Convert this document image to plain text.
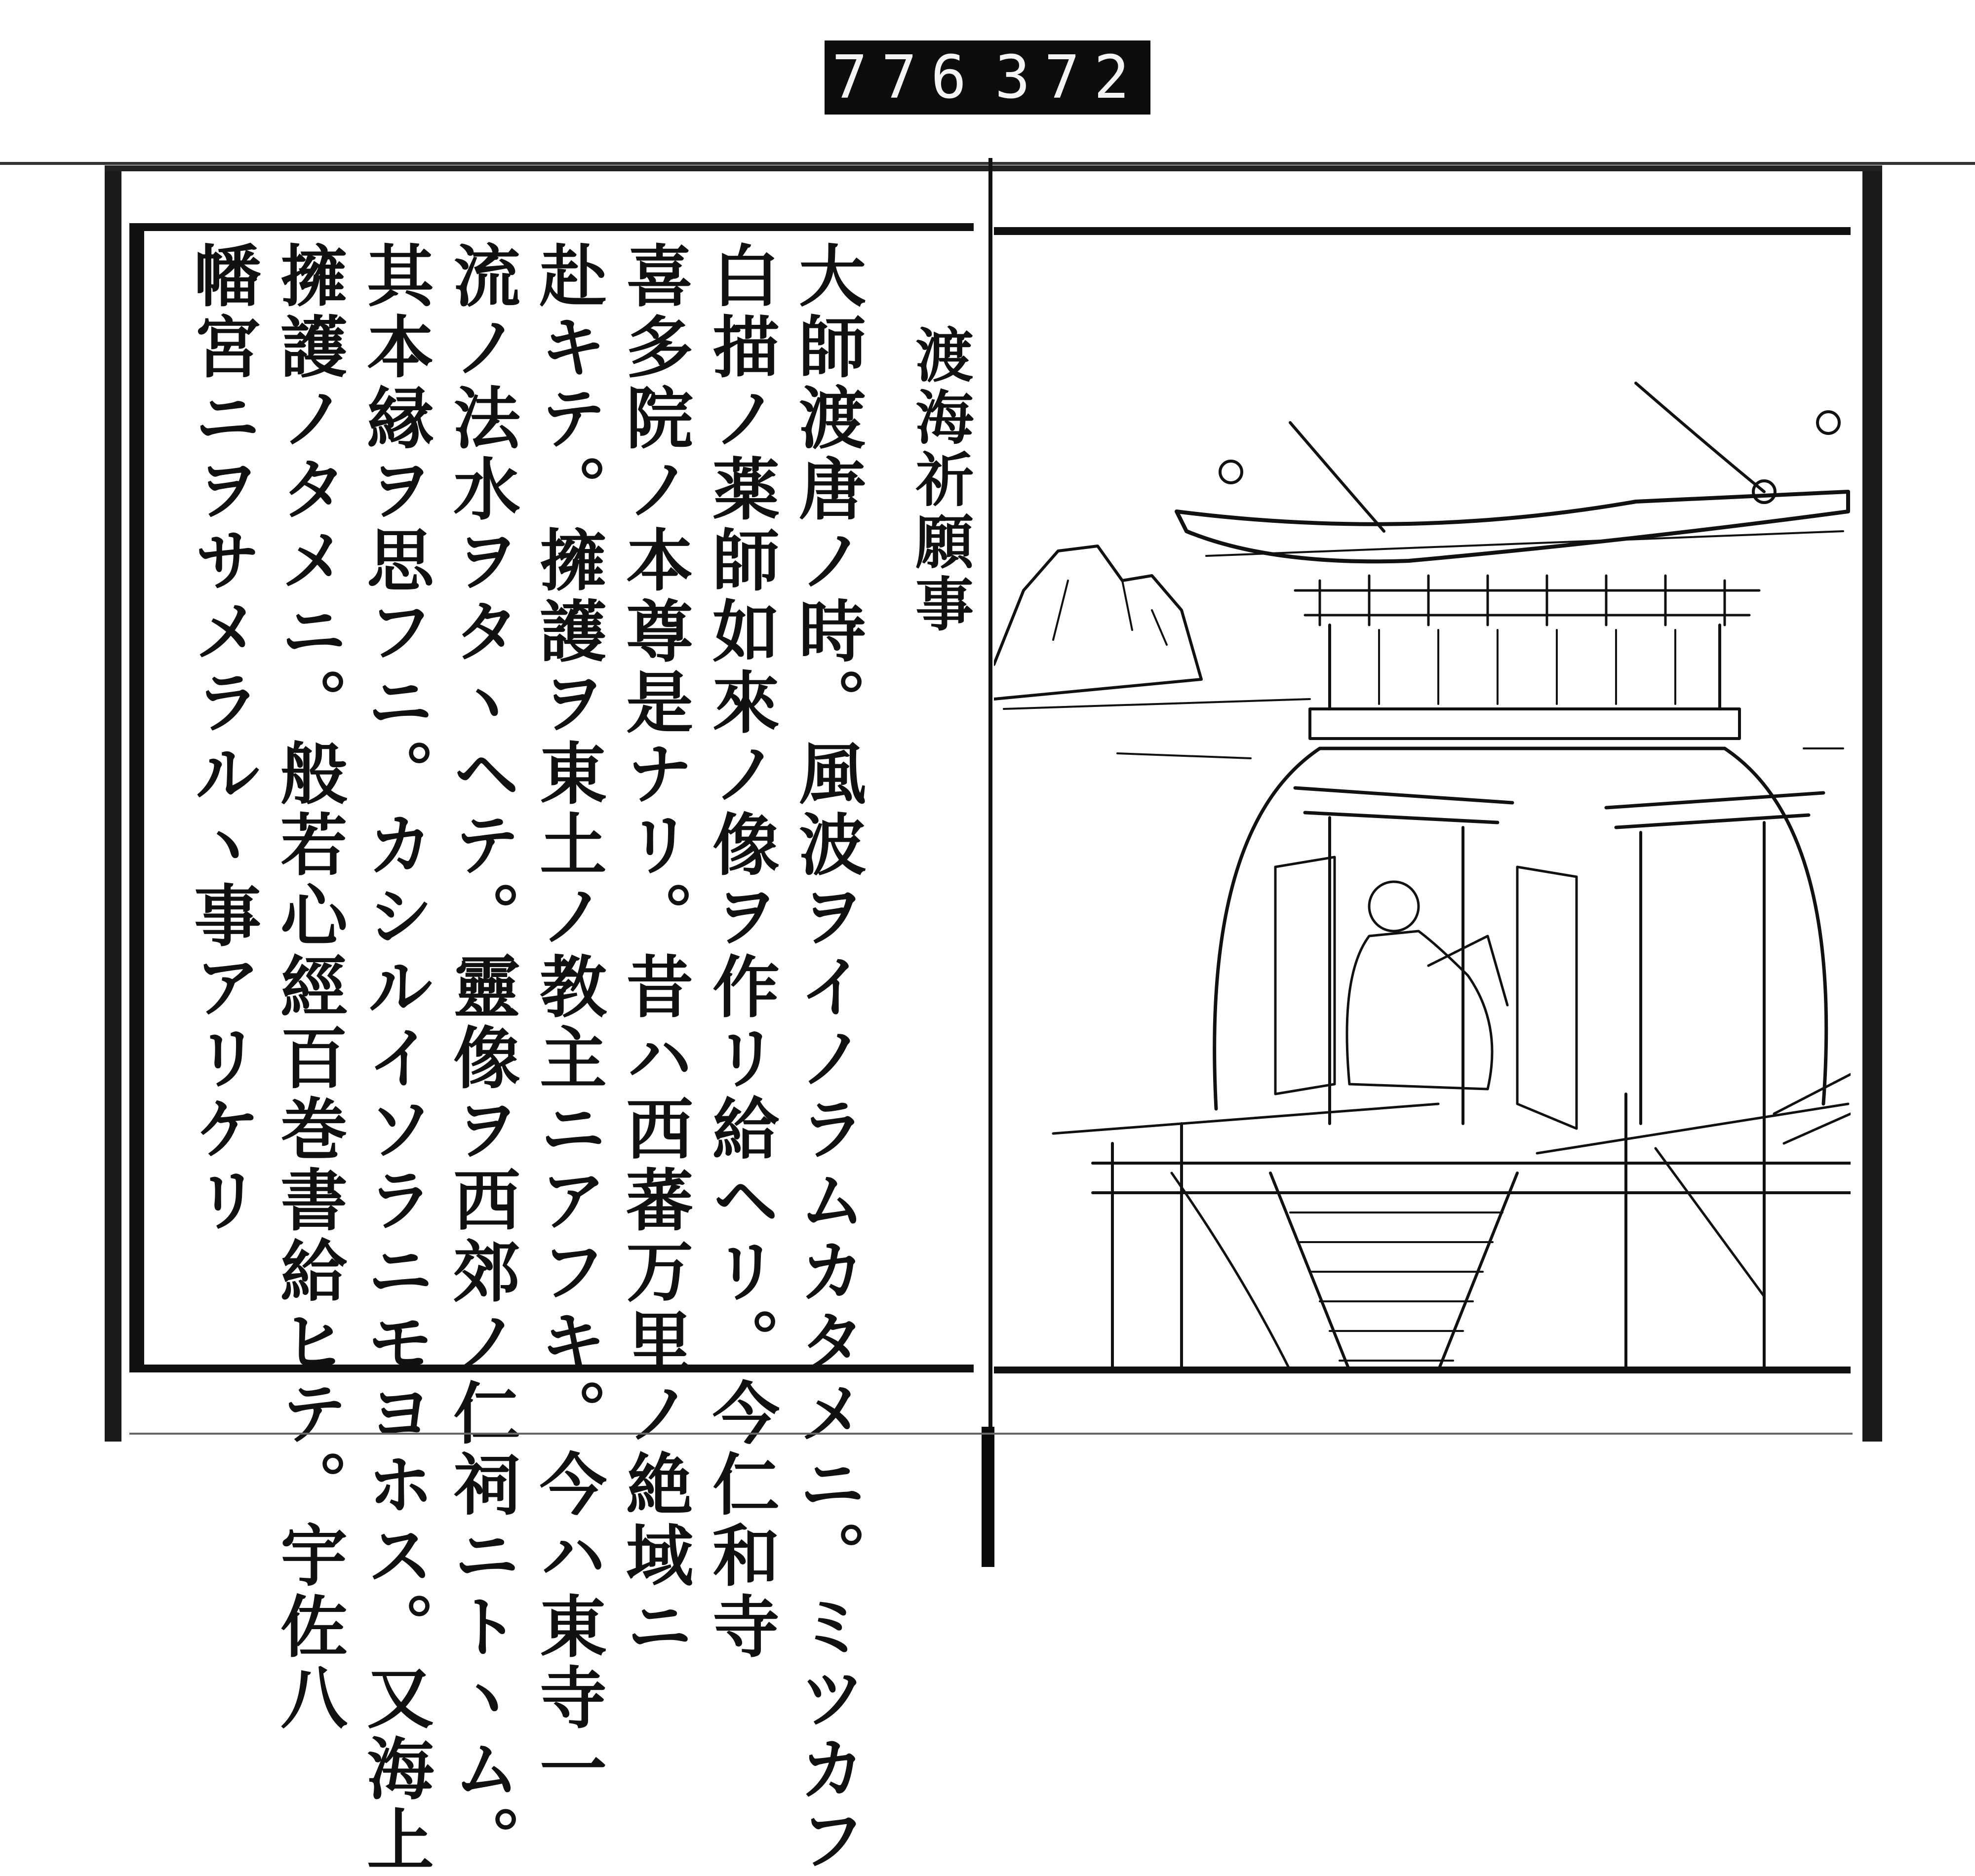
776 372
渡海祈願事
大師渡唐ノ時。風波ヲイノラムカタメニ。ミツカフ
白描ノ薬師如來ノ像ヲ作リ給ヘリ。今仁和寺
喜多院ノ本尊是ナリ。昔ハ西蕃万里ノ絶域ニ
赴キテ。擁護ヲ東土ノ教主ニアフキ。今ハ東寺一
流ノ法水ヲタヽヘテ。靈像ヲ西郊ノ仁祠ニトヽム。
其本縁ヲ思フニ。カシルイソラニモヨホス。又海上
擁護ノタメニ。般若心經百巻書給ヒテ。宇佐八
幡宮ニヲサメラルヽ事アリケリ
